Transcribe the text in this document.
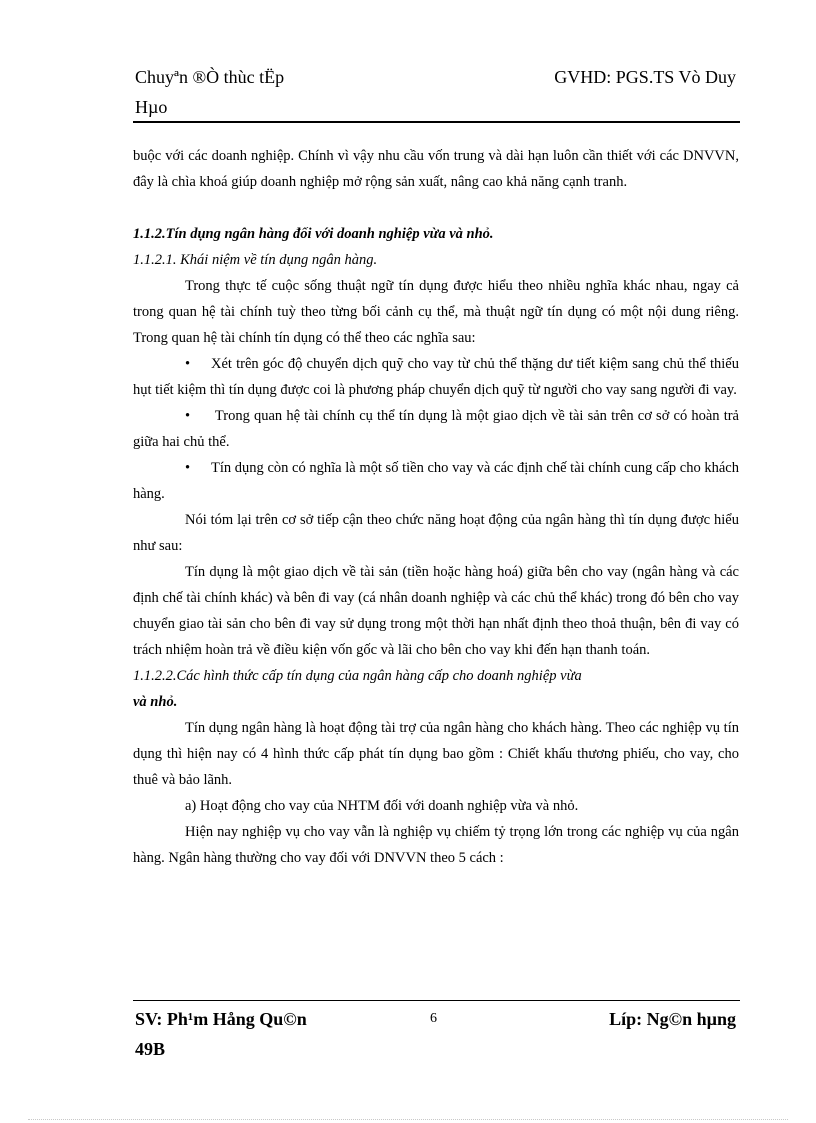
Chuyªn ®Ò thùc tËp
Hµo
GVHD: PGS.TS Vò Duy

buộc với các doanh nghiệp. Chính vì vậy nhu cầu vốn trung và dài hạn luôn cần thiết với các DNVVN, đây là chìa khoá giúp doanh nghiệp mở rộng sản xuất, nâng cao khả năng cạnh tranh.

1.1.2.Tín dụng ngân hàng đối với doanh nghiệp vừa và nhỏ.

1.1.2.1. Khái niệm về tín dụng ngân hàng.

Trong thực tế cuộc sống thuật ngữ tín dụng được hiểu theo nhiều nghĩa khác nhau, ngay cả trong quan hệ tài chính tuỳ theo từng bối cảnh cụ thể, mà thuật ngữ tín dụng có một nội dung riêng. Trong quan hệ tài chính tín dụng có thể theo các nghĩa sau:

• Xét trên góc độ chuyển dịch quỹ cho vay từ chủ thể thặng dư tiết kiệm sang chủ thể thiếu hụt tiết kiệm thì tín dụng được coi là phương pháp chuyển dịch quỹ từ người cho vay sang người đi vay.

• Trong quan hệ tài chính cụ thể tín dụng là một giao dịch về tài sản trên cơ sở có hoàn trả giữa hai chủ thể.

• Tín dụng còn có nghĩa là một số tiền cho vay và các định chế tài chính cung cấp cho khách hàng.

Nói tóm lại trên cơ sở tiếp cận theo chức năng hoạt động của ngân hàng thì tín dụng được hiểu như sau:

Tín dụng là một giao dịch về tài sản (tiền hoặc hàng hoá) giữa bên cho vay (ngân hàng và các định chế tài chính khác) và bên đi vay (cá nhân doanh nghiệp và các chủ thể khác) trong đó bên cho vay chuyển giao tài sản cho bên đi vay sử dụng trong một thời hạn nhất định theo thoả thuận, bên đi vay có trách nhiệm hoàn trả về điều kiện vốn gốc và lãi cho bên cho vay khi đến hạn thanh toán.

1.1.2.2.Các hình thức cấp tín dụng của ngân hàng cấp cho doanh nghiệp vừa
và nhỏ.

Tín dụng ngân hàng là hoạt động tài trợ của ngân hàng cho khách hàng. Theo các nghiệp vụ tín dụng thì hiện nay có 4 hình thức cấp phát tín dụng bao gồm : Chiết khấu thương phiếu, cho vay, cho thuê và bảo lãnh.

a) Hoạt động cho vay của NHTM đối với doanh nghiệp vừa và nhỏ.

Hiện nay nghiệp vụ cho vay vẫn là nghiệp vụ chiếm tỷ trọng lớn trong các nghiệp vụ của ngân hàng. Ngân hàng thường cho vay đối với DNVVN theo 5 cách :

SV: Ph¹m Hång Qu©n
49B
6	Líp: Ng©n hµng
